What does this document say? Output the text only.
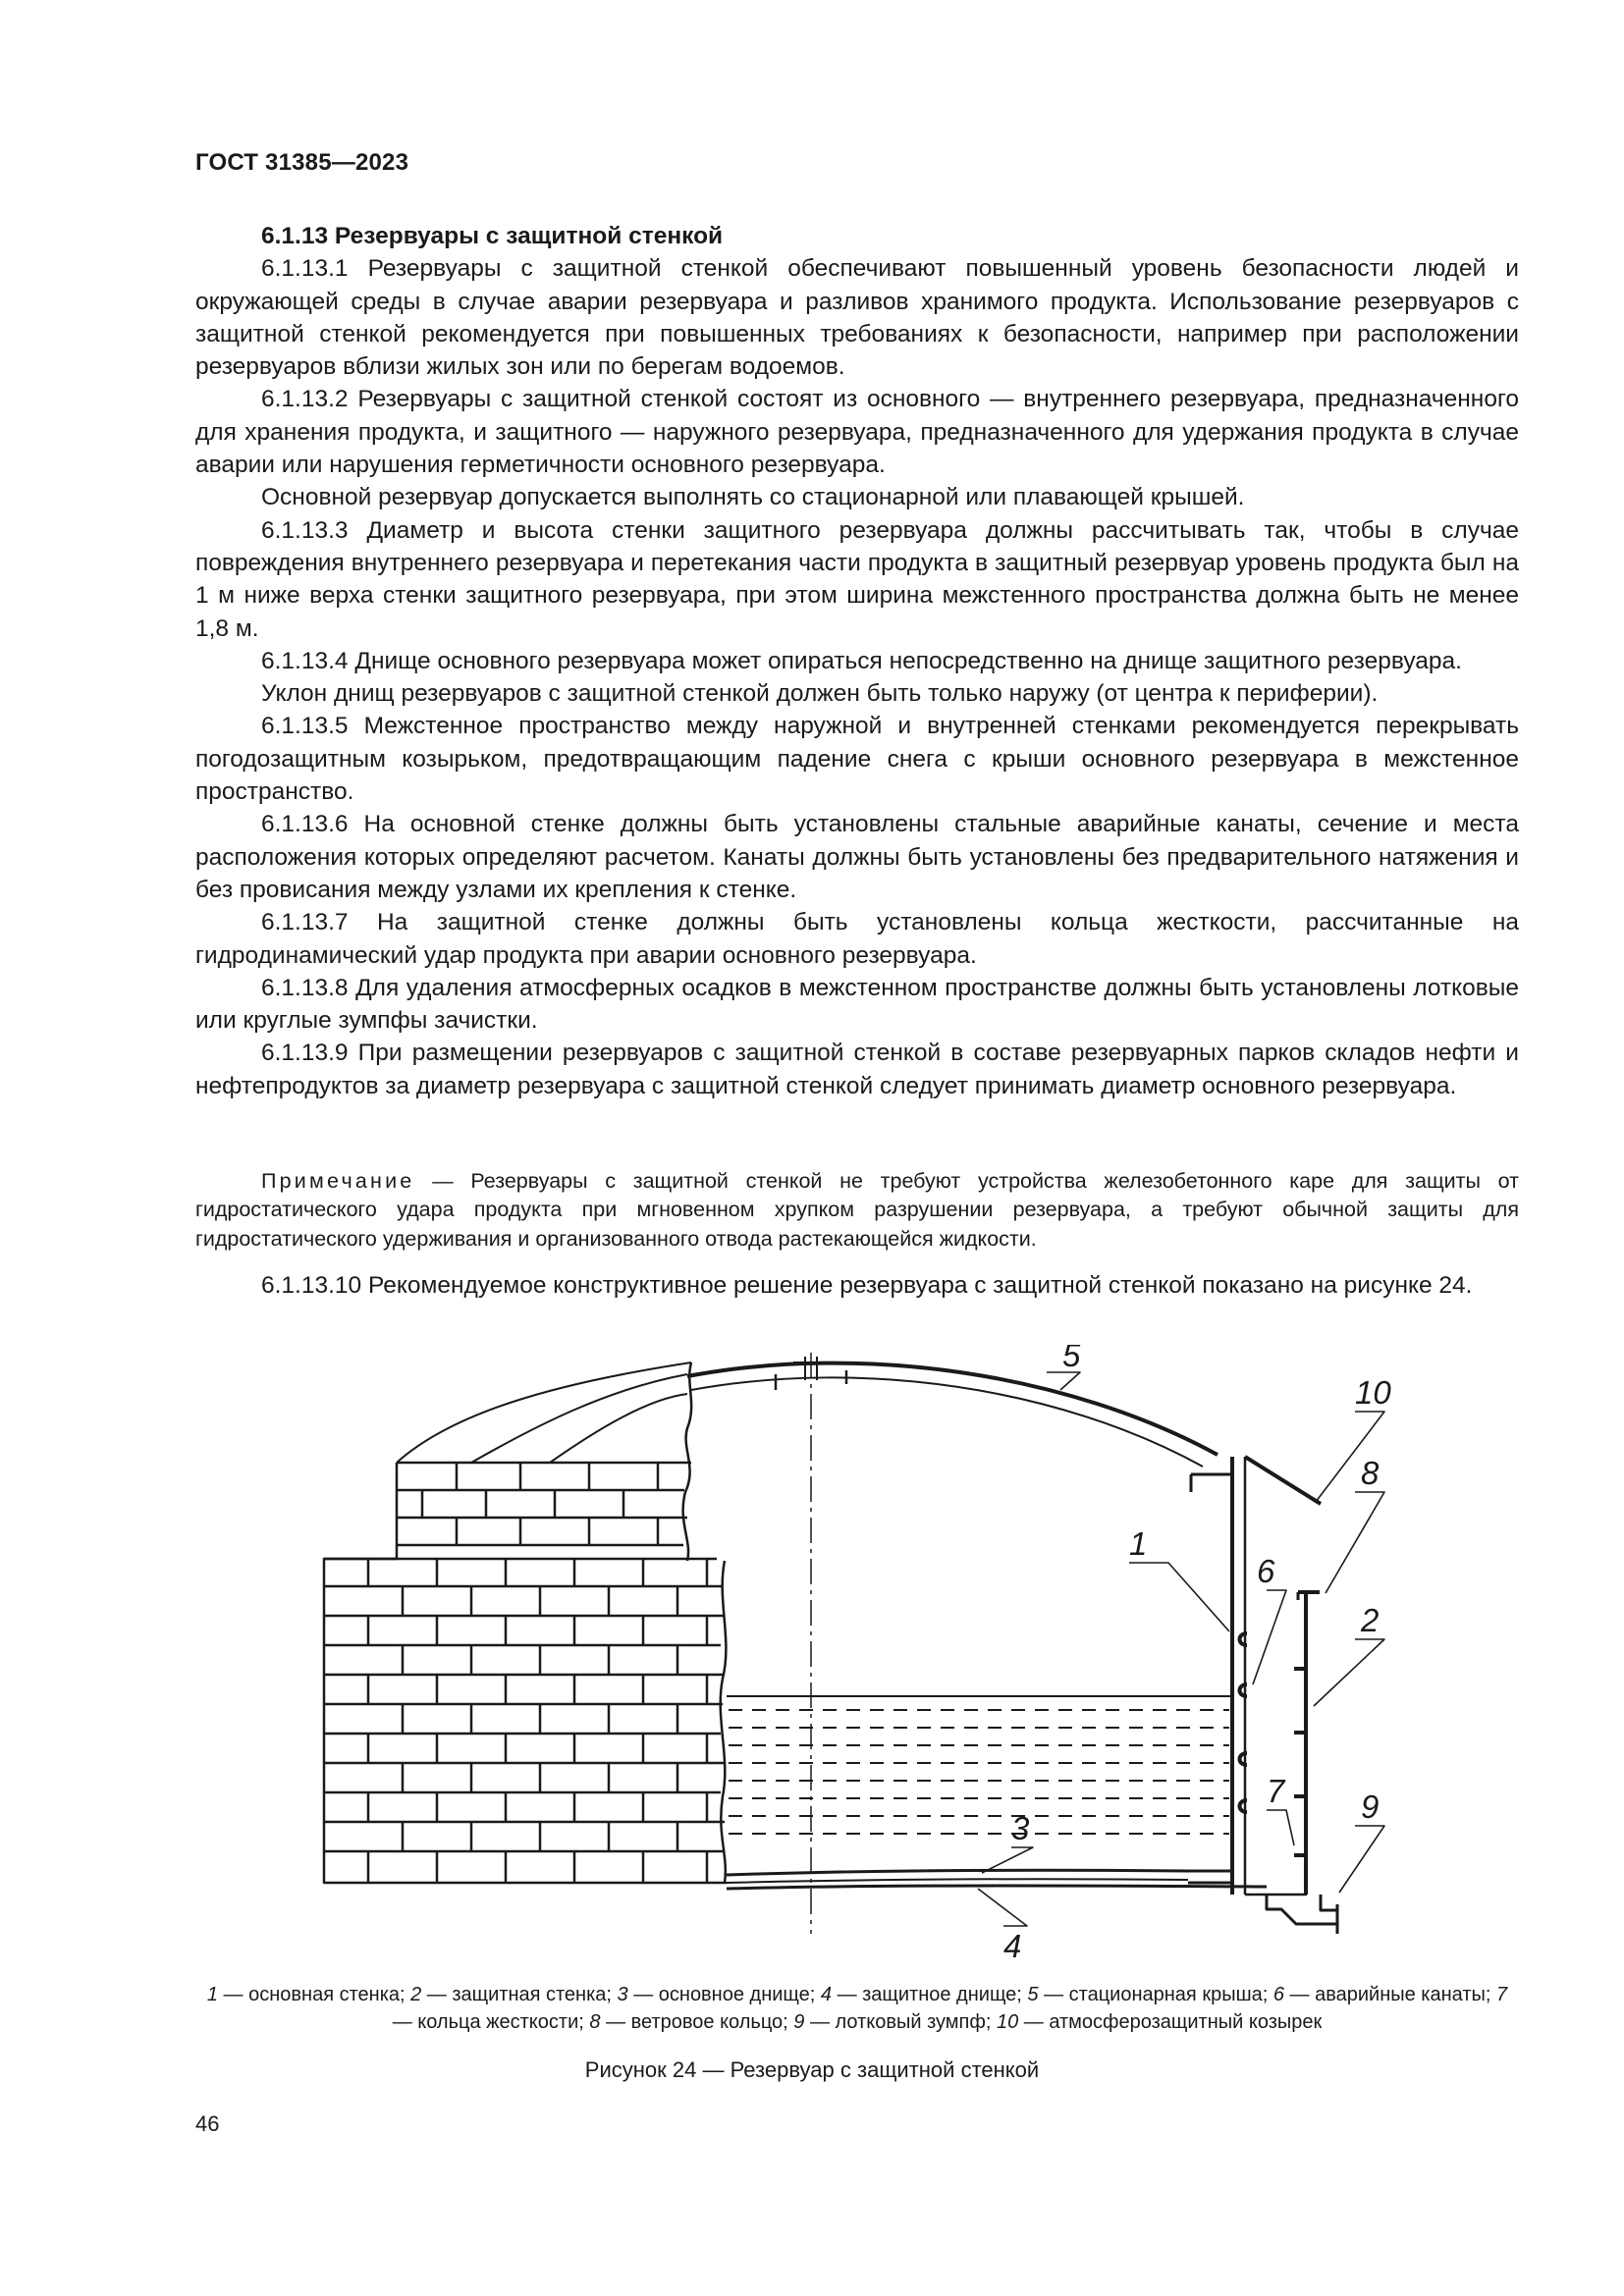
ГОСТ 31385—2023

6.1.13 Резервуары с защитной стенкой

6.1.13.1 Резервуары с защитной стенкой обеспечивают повышенный уровень безопасности людей и окружающей среды в случае аварии резервуара и разливов хранимого продукта. Использование резервуаров с защитной стенкой рекомендуется при повышенных требованиях к безопасности, например при расположении резервуаров вблизи жилых зон или по берегам водоемов.

6.1.13.2 Резервуары с защитной стенкой состоят из основного — внутреннего резервуара, предназначенного для хранения продукта, и защитного — наружного резервуара, предназначенного для удержания продукта в случае аварии или нарушения герметичности основного резервуара.

Основной резервуар допускается выполнять со стационарной или плавающей крышей.

6.1.13.3 Диаметр и высота стенки защитного резервуара должны рассчитывать так, чтобы в случае повреждения внутреннего резервуара и перетекания части продукта в защитный резервуар уровень продукта был на 1 м ниже верха стенки защитного резервуара, при этом ширина межстенного пространства должна быть не менее 1,8 м.

6.1.13.4 Днище основного резервуара может опираться непосредственно на днище защитного резервуара.

Уклон днищ резервуаров с защитной стенкой должен быть только наружу (от центра к периферии).

6.1.13.5 Межстенное пространство между наружной и внутренней стенками рекомендуется перекрывать погодозащитным козырьком, предотвращающим падение снега с крыши основного резервуара в межстенное пространство.

6.1.13.6 На основной стенке должны быть установлены стальные аварийные канаты, сечение и места расположения которых определяют расчетом. Канаты должны быть установлены без предварительного натяжения и без провисания между узлами их крепления к стенке.

6.1.13.7 На защитной стенке должны быть установлены кольца жесткости, рассчитанные на гидродинамический удар продукта при аварии основного резервуара.

6.1.13.8 Для удаления атмосферных осадков в межстенном пространстве должны быть установлены лотковые или круглые зумпфы зачистки.

6.1.13.9 При размещении резервуаров с защитной стенкой в составе резервуарных парков складов нефти и нефтепродуктов за диаметр резервуара с защитной стенкой следует принимать диаметр основного резервуара.

Примечание — Резервуары с защитной стенкой не требуют устройства железобетонного каре для защиты от гидростатического удара продукта при мгновенном хрупком разрушении резервуара, а требуют обычной защиты для гидростатического удерживания и организованного отвода растекающейся жидкости.

6.1.13.10 Рекомендуемое конструктивное решение резервуара с защитной стенкой показано на рисунке 24.

5
10
8
1
6
2
7 9
3
4
1 — основная стенка; 2 — защитная стенка; 3 — основное днище; 4 — защитное днище; 5 — стационарная крыша; 6 — аварийные канаты; 7 — кольца жесткости; 8 — ветровое кольцо; 9 — лотковый зумпф; 10 — атмосферозащитный козырек
Рисунок 24 — Резервуар с защитной стенкой
46
